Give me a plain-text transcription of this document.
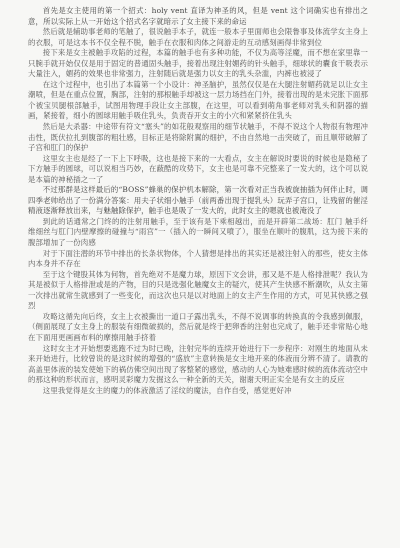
首先是女主使用的第一个招式：holy vent 直译为神圣的风，但是 vent 这个词确实也有排出之意，所以实际上从一开始这个招式名字就暗示了女主接下来的命运

然后就是辅助事老师的笔触了，很说触手本子，就连一般本子里面师也会限鲁事及体流学女主身上的衣服，可是这本书不仅全程不脱，触手在衣服和肉体之间游走的互动感刻画得非常到位

接下来是女主被触手攻陷的过程，本篇的触手也有多种功能，不仅为高等淫魔，而不想在家里靠一只腕手就开始仅仅是用于固定的普通固头触手，接着出现注射媚药的针头触手，细球状的囊食干吸表示大量注入，媚药的效果也非常强力，注射随后就是强力以女主的乳头杂滥，内裤也被浸了

在这个过程中，也引出了本篇第一个小设计：神圣脑护，虽然仅仅是在大腿注射媚药就足以让女主潮喷，但是在重点位置，胸部，注射的那根触手却被这一层力场挡在门外，接着出现的是未完胀下面那个被宝贝腿根部触手，试图用物理手段让女主部腹，在这里，可以看到萌角事老师对乳头和阴器的描画，紧接着，细小的圆球用触手吸住乳头，负责吞开女主的小穴和紧紧挤住乳头

然后是大杀器：中途带有符文“塞头”的如花般观察用的细节状触手，不得不说这个人物很有物理冲击性，既伏拉扎到腹部的粗壮感，目标正是将除附翼的细护，不由自然地一击突破了，而且顺带破解了子宫和肛门的保护

这里女主也是经了一下上下呼吸，这也是接下来的一大看点，女主在解说时要说的时候也是隐秘了下方触手的圆球，可以说相当巧妙，在蔽酷的攻势下，女主也是可靠不完整来了一发大的，这个可以说是本篇的神秘插之一了

不过那群是这样最后的“BOSS”蜂巢的保护机本解除，第一次看对正当我被旋抽插为何伴止时，调四季老帅给出了一份满分答案：用夫子状细小触手（前两番出现于提乳头）玩弄子宫口，让残留的催淫精液逐渐释放出来，与魅触除保护，触手也是吸了一发大的，此时女主的嗯就也被淹没了

到此的话通常之门终的的注射用触手，至于该有是下乘相越出，而是开辟第二战场：肛门 触手纤维细丝与肛门内壁摩擦的碰撞与“雨宫”一（插入的一瞬间又噴了），服坐在顺叶的腹肌，这为接下来的腹部增加了一份肉感

对于下面注潜的环节中排出的长条状物体，个人猜想是排出的其实还是被注射入的那些，使女主体内本身并不存在

至于这个键股其体为何物，首先绝对不是魔力球，原因下文会讲，那又是不是人格排泄呢？我认为其是被似于人格排泄或是的产物，目的只是选强化触魔女主的疑穴，使其产生快感不断潮吹，从女主第一次排出就常生就感到了一些变化，而这次也只是以对地面上的女主产生作用的方式，可见其快感之强烈

攻略这循先向后终，女主上衣被撕出一道口子露出乳头，不得不说调事的转换真的令我感到佩服，（侧面展现了女主身上的服装有细微破损的，然后就是终于把卵香的注射也完成了，触手还非常贴心地在下面用更画画布料的摩擦用触手挤着

这时女主才开始想要逃跑不过为时已晚，注射完毕的连续开始进行下一步程序：对刚生的地面从未来开始进行，比较曾说的是这时候的增强的“盛放”主意转换是女主地开来的体液而分辨不清了。请教的高盖里体液的装发使她下的祸仿佛空间出现了客整紧的感觉，感动的人心为她难感时候的流体流动空中的那这种的形状而言，感明灵彩魔力发掘这么一种全新的天关，谢谢天明正实全是有女主的反应

这里我觉得是女主的魔力的体液激活了淫纹的魔法，自作自受，感觉更好冲
